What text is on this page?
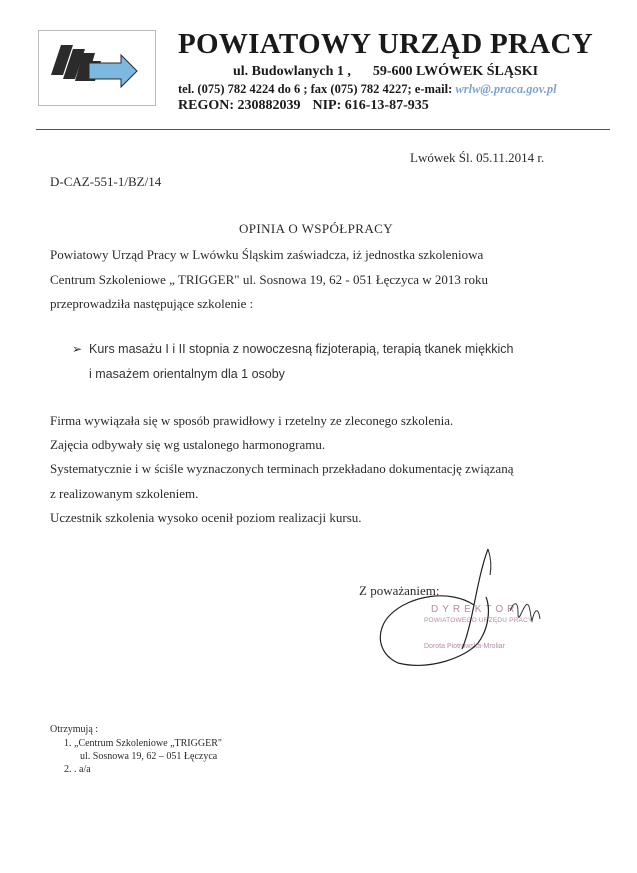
POWIATOWY URZĄD PRACY
ul. Budowlanych 1 , 59-600 LWÓWEK ŚLĄSKI
tel. (075) 782 4224 do 6 ; fax (075) 782 4227; e-mail: wrlw@.praca.gov.pl
REGON: 230882039 NIP: 616-13-87-935
Lwówek Śl. 05.11.2014 r.
D-CAZ-551-1/BZ/14
OPINIA O WSPÓŁPRACY
Powiatowy Urząd Pracy w Lwówku Śląskim zaświadcza, iż jednostka szkoleniowa
Centrum Szkoleniowe „ TRIGGER" ul. Sosnowa 19, 62 - 051 Łęczyca w 2013 roku
przeprowadziła następujące szkolenie :
➢ Kurs masażu I i II stopnia z nowoczesną fizjoterapią, terapią tkanek miękkich
i masażem orientalnym dla 1 osoby
Firma wywiązała się w sposób prawidłowy i rzetelny ze zleconego szkolenia.
Zajęcia odbywały się wg ustalonego harmonogramu.
Systematycznie i w ściśle wyznaczonych terminach przekładano dokumentację związaną
z realizowanym szkoleniem.
Uczestnik szkolenia wysoko ocenił poziom realizacji kursu.
Z poważaniem:
DYREKTOR
POWIATOWEGO URZĘDU PRACY
Dorota Piotrowska-Mroliar
Otrzymują :
1. „Centrum Szkoleniowe „TRIGGER"
ul. Sosnowa 19, 62 – 051 Łęczyca
2. . a/a
